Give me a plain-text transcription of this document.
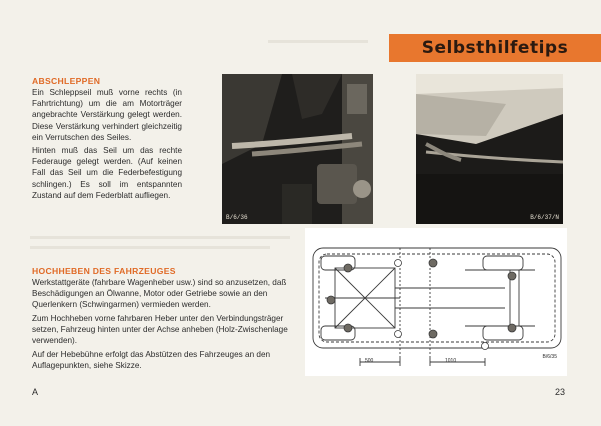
Selbsthilfetips
ABSCHLEPPEN

Ein Schleppseil muß vorne rechts (in Fahrtrichtung) um die am Motorträger angebrachte Verstärkung gelegt werden. Diese Verstärkung verhindert gleichzeitig ein Verrutschen des Seiles.

Hinten muß das Seil um das rechte Federauge gelegt werden. (Auf keinen Fall das Seil um die Federbefestigung schlingen.) Es soll im entspannten Zustand auf dem Federblatt aufliegen.

B/6/36	B/6/37/N
HOCHHEBEN DES FAHRZEUGES

Werkstattgeräte (fahrbare Wagenheber usw.) sind so anzusetzen, daß Beschädigungen an Ölwanne, Motor oder Getriebe sowie an den Querlenkern (Schwingarmen) vermieden werden.

Zum Hochheben vorne fahrbaren Heber unter den Verbindungsträger setzen, Fahrzeug hinten unter der Achse anheben (Holz-Zwischenlage verwenden).

Auf der Hebebühne erfolgt das Abstützen des Fahrzeuges an den Auflagepunkten, siehe Skizze.

500	1010
B/6/35
A	23
